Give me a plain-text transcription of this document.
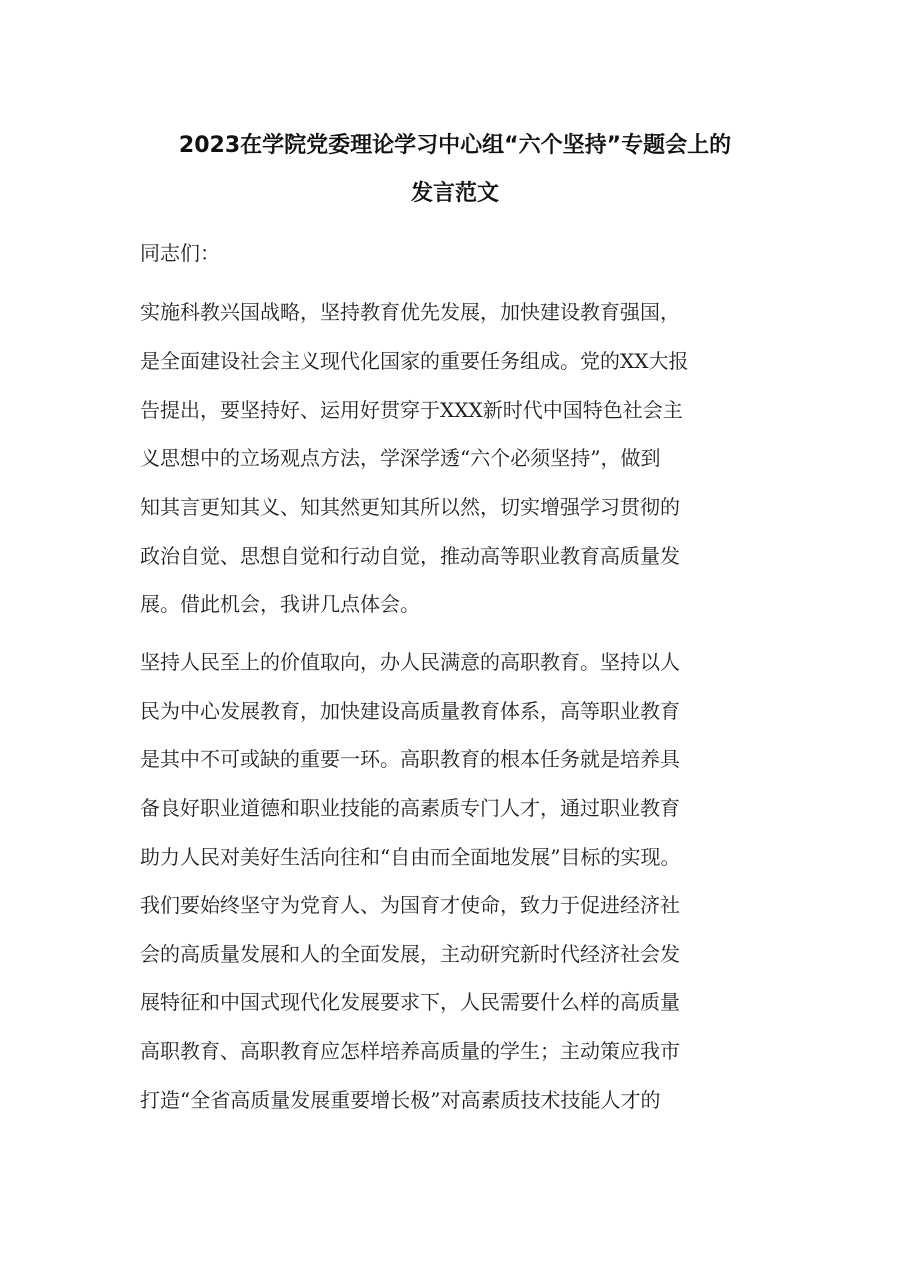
2023在学院党委理论学习中心组“六个坚持”专题会上的
发言范文
同志们：
实施科教兴国战略，坚持教育优先发展，加快建设教育强国，
是全面建设社会主义现代化国家的重要任务组成。党的XX大报
告提出，要坚持好、运用好贯穿于XXX新时代中国特色社会主
义思想中的立场观点方法，学深学透“六个必须坚持”，做到
知其言更知其义、知其然更知其所以然，切实增强学习贯彻的
政治自觉、思想自觉和行动自觉，推动高等职业教育高质量发
展。借此机会，我讲几点体会。
坚持人民至上的价值取向，办人民满意的高职教育。坚持以人
民为中心发展教育，加快建设高质量教育体系，高等职业教育
是其中不可或缺的重要一环。高职教育的根本任务就是培养具
备良好职业道德和职业技能的高素质专门人才，通过职业教育
助力人民对美好生活向往和“自由而全面地发展”目标的实现。
我们要始终坚守为党育人、为国育才使命，致力于促进经济社
会的高质量发展和人的全面发展，主动研究新时代经济社会发
展特征和中国式现代化发展要求下，人民需要什么样的高质量
高职教育、高职教育应怎样培养高质量的学生；主动策应我市
打造“全省高质量发展重要增长极”对高素质技术技能人才的
